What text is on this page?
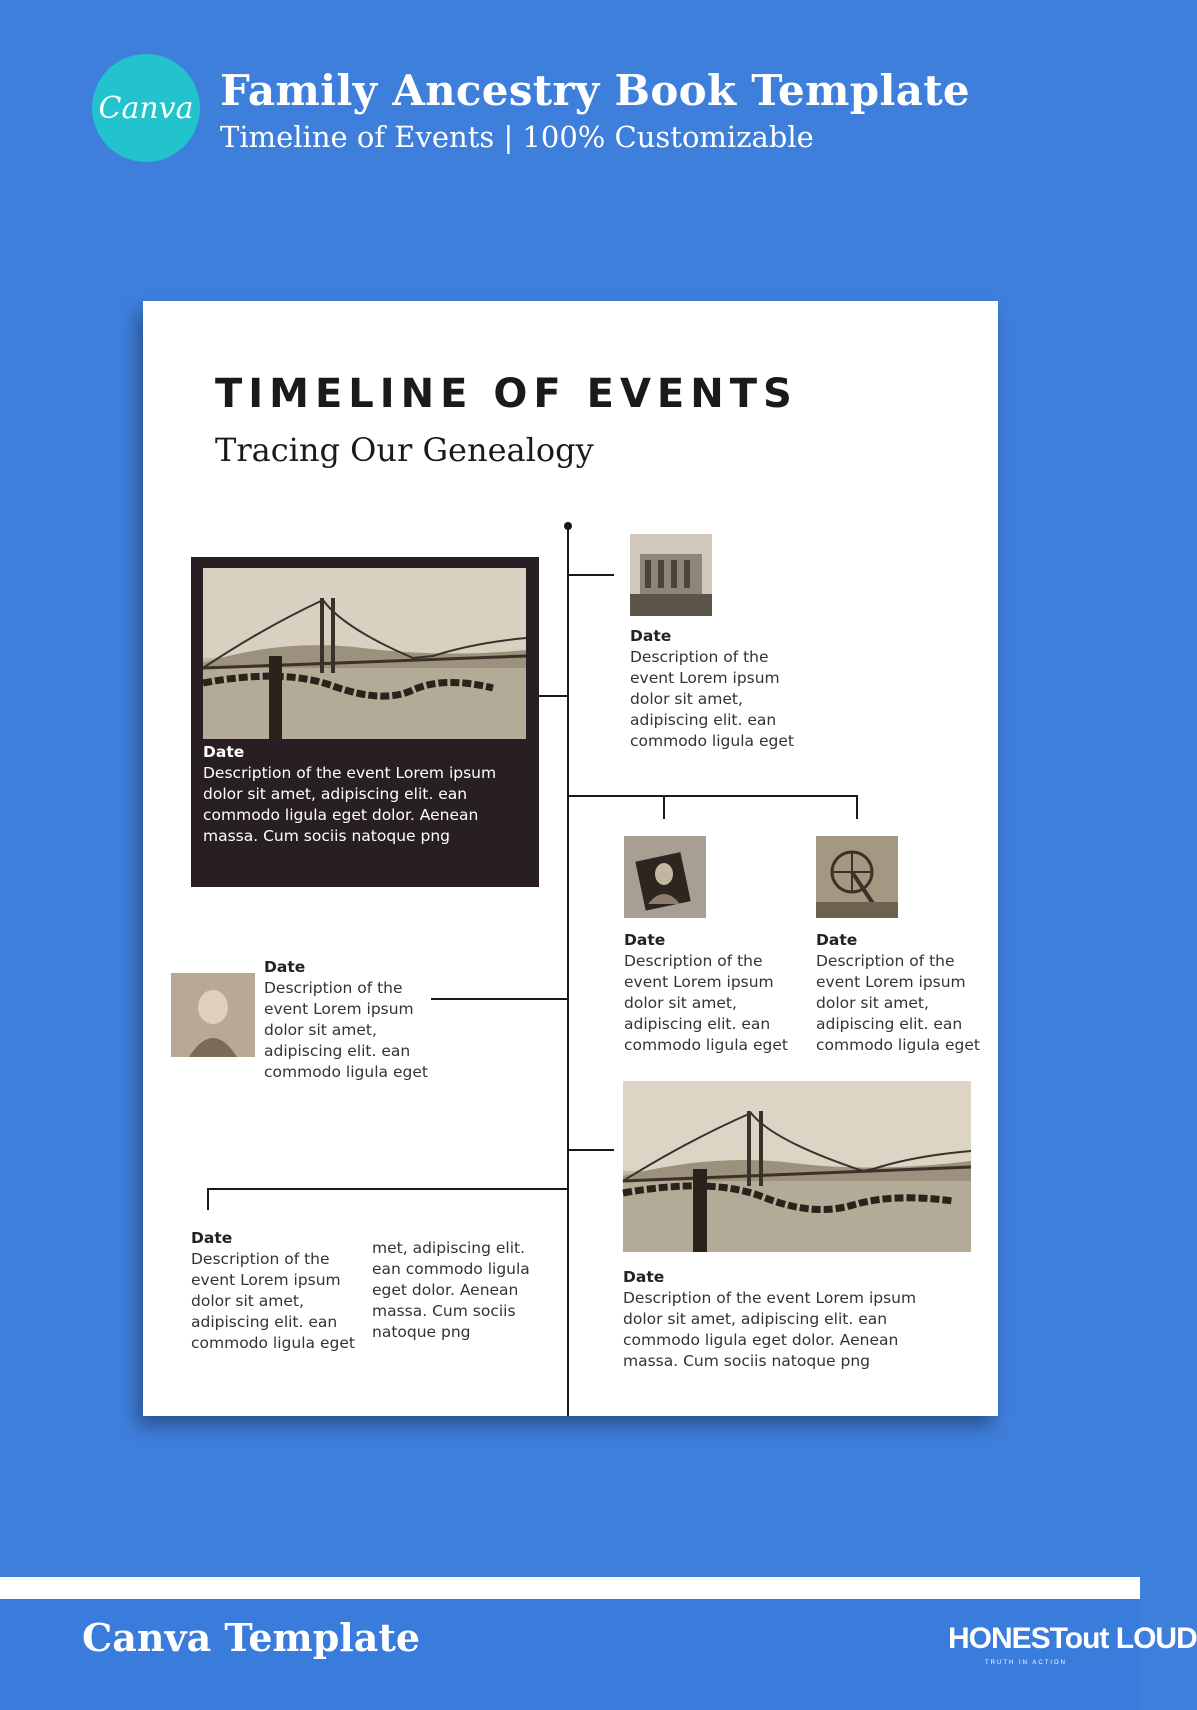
Canva Family Ancestry Book Template
Timeline of Events | 100% Customizable
TIMELINE OF EVENTS
Tracing Our Genealogy
Date
Description of the event Lorem ipsum dolor sit amet, adipiscing elit. ean commodo ligula eget dolor. Aenean massa. Cum sociis natoque png
Date
Description of the event Lorem ipsum dolor sit amet, adipiscing elit. ean commodo ligula eget
Date
Description of the event Lorem ipsum dolor sit amet, adipiscing elit. ean commodo ligula eget
Date
Description of the event Lorem ipsum dolor sit amet, adipiscing elit. ean commodo ligula eget
Date
Description of the event Lorem ipsum dolor sit amet, adipiscing elit. ean commodo ligula eget
Date
Description of the event Lorem ipsum dolor sit amet, adipiscing elit. ean commodo ligula eget dolor. Aenean massa. Cum sociis natoque png
Date
Description of the event Lorem ipsum dolor sit amet, adipiscing elit. ean commodo ligula eget
met, adipiscing elit. ean commodo ligula eget dolor. Aenean massa. Cum sociis natoque png
Canva Template	HONESTout LOUD
TRUTH IN ACTION
